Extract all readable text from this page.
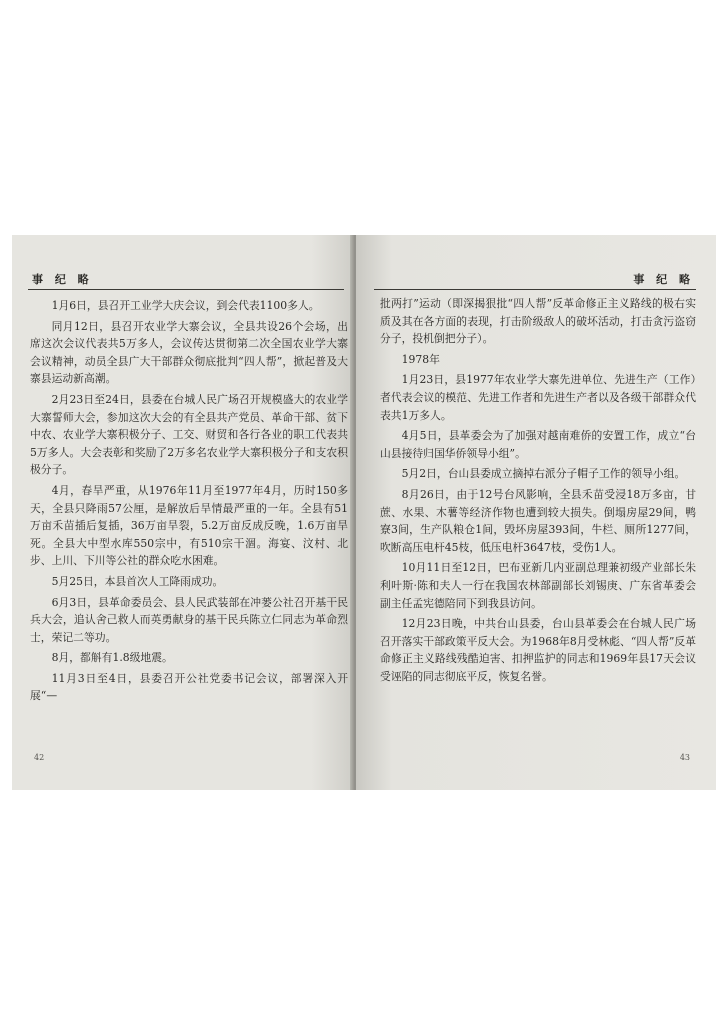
事 纪 略

1月6日，县召开工业学大庆会议，到会代表1100多人。

同月12日，县召开农业学大寨会议，全县共设26个会场，出席这次会议代表共5万多人，会议传达贯彻第二次全国农业学大寨会议精神，动员全县广大干部群众彻底批判“四人帮”，掀起普及大寨县运动新高潮。

2月23日至24日，县委在台城人民广场召开规模盛大的农业学大寨誓师大会，参加这次大会的有全县共产党员、革命干部、贫下中农、农业学大寨积极分子、工交、财贸和各行各业的职工代表共5万多人。大会表彰和奖励了2万多名农业学大寨积极分子和支农积极分子。

4月，春旱严重，从1976年11月至1977年4月，历时150多天，全县只降雨57公厘，是解放后旱情最严重的一年。全县有51万亩禾苗插后复插，36万亩旱裂，5.2万亩反成反晚，1.6万亩旱死。全县大中型水库550宗中，有510宗干涸。海宴、汶村、北步、上川、下川等公社的群众吃水困难。

5月25日，本县首次人工降雨成功。

6月3日，县革命委员会、县人民武装部在冲蒌公社召开基干民兵大会，追认舍己救人而英勇献身的基干民兵陈立仁同志为革命烈士，荣记二等功。

8月，都斛有1.8级地震。

11月3日至4日，县委召开公社党委书记会议，部署深入开展“—

42
事 纪 略

批两打”运动（即深揭狠批“四人帮”反革命修正主义路线的极右实质及其在各方面的表现，打击阶级敌人的破坏活动，打击贪污盗窃分子，投机倒把分子）。

1978年

1月23日，县1977年农业学大寨先进单位、先进生产（工作）者代表会议的模范、先进工作者和先进生产者以及各级干部群众代表共1万多人。

4月5日，县革委会为了加强对越南难侨的安置工作，成立“台山县接待归国华侨领导小组”。

5月2日，台山县委成立摘掉右派分子帽子工作的领导小组。

8月26日，由于12号台风影响，全县禾苗受浸18万多亩，甘蔗、水果、木薯等经济作物也遭到较大损失。倒塌房屋29间，鸭寮3间，生产队粮仓1间，毁坏房屋393间，牛栏、厕所1277间，吹断高压电杆45枝，低压电杆3647枝，受伤1人。

10月11日至12日，巴布亚新几内亚副总理兼初级产业部长朱利叶斯·陈和夫人一行在我国农林部副部长刘锡庚、广东省革委会副主任孟宪德陪同下到我县访问。

12月23日晚，中共台山县委，台山县革委会在台城人民广场召开落实干部政策平反大会。为1968年8月受林彪、“四人帮”反革命修正主义路线残酷迫害、扣押监护的同志和1969年县17天会议受诬陷的同志彻底平反，恢复名誉。

43
